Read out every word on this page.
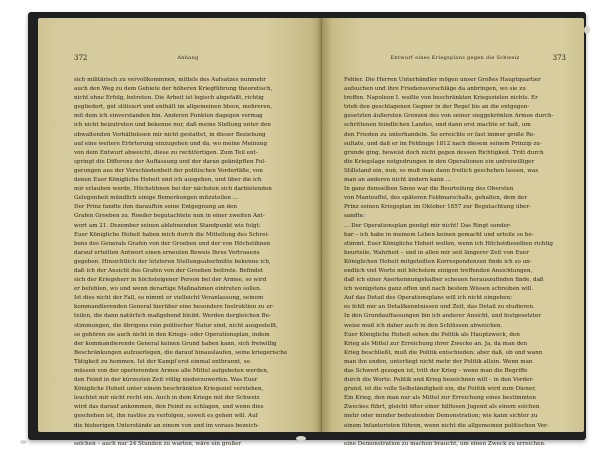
372	Anhang
sich militärisch zu vervollkommnen, mittels des Aufsatzes nunmehr
auch den Weg zu dem Gebiete der höheren Kriegführung theoretisch,
nicht ohne Erfolg, betreten. Die Arbeit ist logisch abgefaßt, richtig
gegliedert, gut stilisiert und enthält im allgemeinen Ideen, mehreren,
mit dem ich einverstanden bin. Anderen Punkten dagegen vermag
ich nicht beizutreten und bekenne nur, daß meine Stellung unter den
obwaltenden Verhältnissen mir nicht gestattet, in dieser Beziehung
auf eine weitere Erörterung einzugehen und da, wo meine Meinung
von dem Entwurf abweicht, diese zu rechtfertigen. Zum Teil ent-
springt die Differenz der Auffassung und der daran geknüpften Fol-
gerungen aus der Verschiedenheit der politischen Vorderfäße, von
denen Euer Königliche Hoheit und ich ausgehen, und über die ich
mir erlauben werde, Höchstihnen bei der nächsten sich darbietenden
Gelegenheit mündlich einige Bemerkungen mitzuteilen ...
Der Prinz fandte ihm daraufhin seine Entgegnung an den
Grafen Groeben zu. Roeder begutachtete nun in einer zweiten Ant-
wort am 21. Dezember seinen ablehnenden Standpunkt wie folgt:
Euer Königliche Hoheit haben mich durch die Mitteilung des Schrei-
bens des Generals Grafen von der Groeben und der von Höchstihnen
darauf erteilten Antwort einen erneuten Beweis Ihres Vertrauens
gegeben. Hinsichtlich der letzteren Stellungsabschnitte bekenne ich,
daß ich der Ansicht des Grafen von der Groeben beitrete. Befindet
sich der Kriegsherr in höchsteigener Person bei der Armee, so wird
er befehlen, wo und wenn derartige Maßnahmen eintreten sollen.
Ist dies nicht der Fall, so nimmt er vielleicht Veranlassung, seinem
kommandierenden General hierüber eine besondere Instruktion zu er-
teilen, die dann natürlich maßgebend bleibt. Werden dergleichen Be-
stimmungen, die übrigens rein politischer Natur sind, nicht ausgestellt,
so gehören sie auch nicht in den Kriegs- oder Operationsplan, indem
der kommandierende General keinen Grund haben kann, sich freiwillig
Beschränkungen aufzuerlegen, die darauf hinauslaufen, seine kriegerische
Tätigkeit zu hemmen. Ist der Kampf erst einmal entbrannt, so
müssen von der operierenden Armee alle Mittel aufgeboten werden,
den Feind in der kürzesten Zeit völlig niederzuwerfen. Was Euer
Königliche Hoheit unter einem beschränkten Kriegsziel verstehen,
leuchtet mir nicht recht ein. Auch in dem Kriege mit der Schweiz
wird das darauf ankommen, den Feind zu schlagen, und wenn dies
geschehen ist, ihn rastlos zu verfolgen, soweit es gehen will. Auf
die bisherigen Unterstände an einem von und im voraus bezeich-
neten Orte – Euer Königliche Hoheit nennen Zürich als einen
solchen – auch nur 24 Stunden zu warten, wäre ein großer
Entwurf eines Kriegsplans gegen die Schweiz	373
Fehler. Die Herren Unterhändler mögen unser Großes Hauptquartier
aufsuchen und ihre Friedensvorschläge da anbringen, wo sie zu
treffen. Napoleon I. wußte von beschränkten Kriegszielen nichts. Er
trieb den geschlagenen Gegner in der Regel bis an die entgegen-
gesetzten äußersten Grenzen des von seiner sieggekrönten Armee durch-
schrittenen feindlichen Landes, und dann erst machte er halt, um
den Frieden zu unterhandeln. So erreichte er fast immer große Re-
sultate, und daß er im Feldzuge 1812 nach diesem seinem Prinzip zu-
grunde ging, beweist doch nicht gegen dessen Richtigkeit. Tritt durch
die Kriegslage notgedrungen in den Operationen ein unfreiwilliger
Stillstand ein, nun, so muß man dann freilich geschehen lassen, was
man an anderen nicht ändern kann ...
In ganz demselben Sinne war die Beurteilung des Obersten
von Manteuffel, des späteren Feldmarschalls, gehalten, dem der
Prinz seinen Kriegsplan im Oktober 1857 zur Begutachtung über-
sandte:
... Der Operationsplan genügt mir nicht! Das Ringt sonder-
bar – ich habe in meinem Leben keinen gemacht und urteile so be-
stimmt. Euer Königliche Hoheit wollen, wenn ich Höchstdieselben richtig
beurteile, Wahrheit – und in allen mir seit längerer Zeit von Euer
Königlichen Hoheit mitgeteilten Korrespondenzen finde ich so un-
endlich viel Worte mit höchstem einigen treffenden Ansichtungen,
daß ich einer Anerkennungshalber scheuen herauszufinden finde, daß
ich wenigstens ganz offen und nach bestem Wissen schreiben will.
Auf das Detail des Operationsplans will ich nicht eingehen;
es fehlt mir an Detailkenntnissen und Zeit, das Detail zu studieren.
In den Grundauffassungen bin ich anderer Ansicht, und festgesetzter
weise muß ich daher auch in den Schlüssen abweichen.
Euer Königliche Hoheit sehen die Politik als Hauptzweck, den
Krieg als Mittel zur Erreichung ihrer Zwecke an. Ja, da man den
Krieg beschließt, muß die Politik entschieden; aber daß, ob und wann
man ihn enden, unterliegt nicht mehr der Politik allein. Wenn man
das Schwert gezogen ist, tritt der Krieg – wenn man die Begriffe
durch die Worte: Politik und Krieg bezeichnen will – in den Vorder-
grund, ist die volle Selbständigkeit ein, die Politik wird zum Diener,
Ein Krieg, den man nur als Mittel zur Erreichung eines bestimmten
Zweckes führt, gleicht öfter einer hilflosen Jugend als einem solchen
mehr oder minder bedeutenden Demonstration; wie kann sichter zu
einem Infanteristen führen, wenn nicht die allgemeinen politischen Ver-
hältnisse so liegen, daß man ohne Krieg zu führen, sondern nur
eine Demonstration zu machen braucht, um einen Zweck zu erreichen.
